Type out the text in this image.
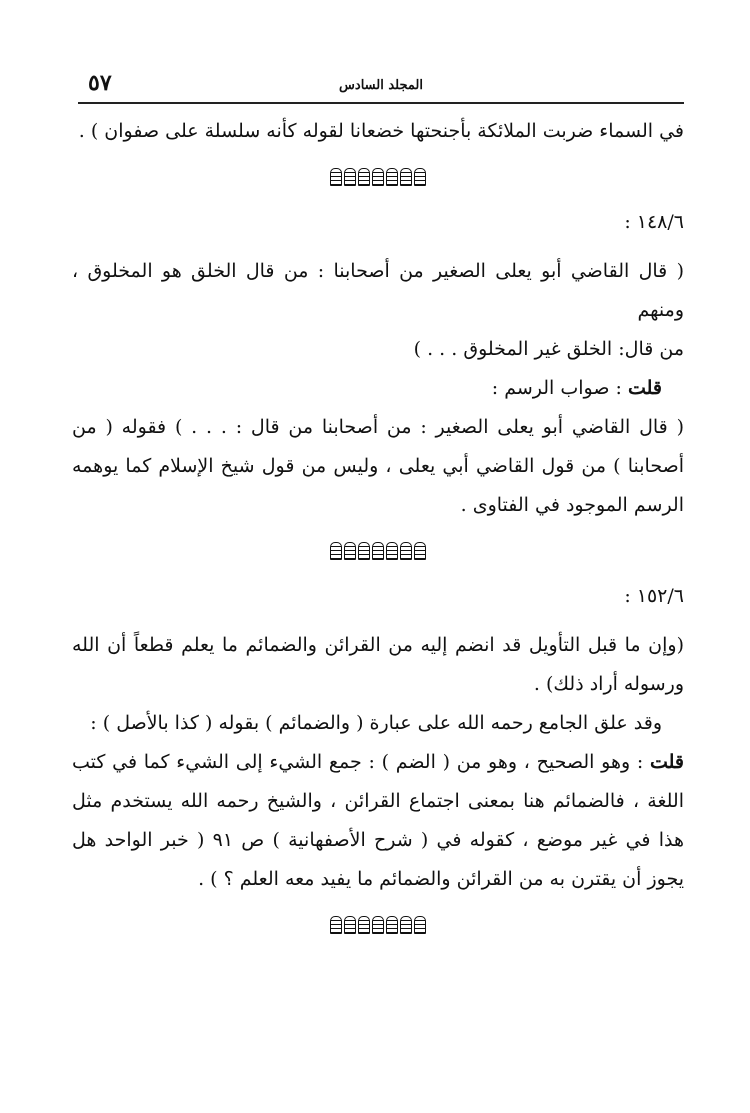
المجلد السادس
٥٧

في السماء ضربت الملائكة بأجنحتها خضعانا لقوله كأنه سلسلة على صفوان ) .

١٤٨/٦ :

( قال القاضي أبو يعلى الصغير من أصحابنا : من قال الخلق هو المخلوق ، ومنهم

من قال: الخلق غير المخلوق . . . )

قلت : صواب الرسم :

( قال القاضي أبو يعلى الصغير : من أصحابنا من قال : . . . ) فقوله ( من أصحابنا ) من قول القاضي أبي يعلى ، وليس من قول شيخ الإسلام كما يوهمه الرسم الموجود في الفتاوى .

١٥٢/٦ :

(وإن ما قبل التأويل قد انضم إليه من القرائن والضمائم ما يعلم قطعاً أن الله ورسوله أراد ذلك) .

وقد علق الجامع رحمه الله على عبارة ( والضمائم ) بقوله ( كذا بالأصل ) :

قلت : وهو الصحيح ، وهو من ( الضم ) : جمع الشيء إلى الشيء كما في كتب اللغة ، فالضمائم هنا بمعنى اجتماع القرائن ، والشيخ رحمه الله يستخدم مثل هذا في غير موضع ، كقوله في ( شرح الأصفهانية ) ص ٩١ ( خبر الواحد هل يجوز أن يقترن به من القرائن والضمائم ما يفيد معه العلم ؟ ) .
